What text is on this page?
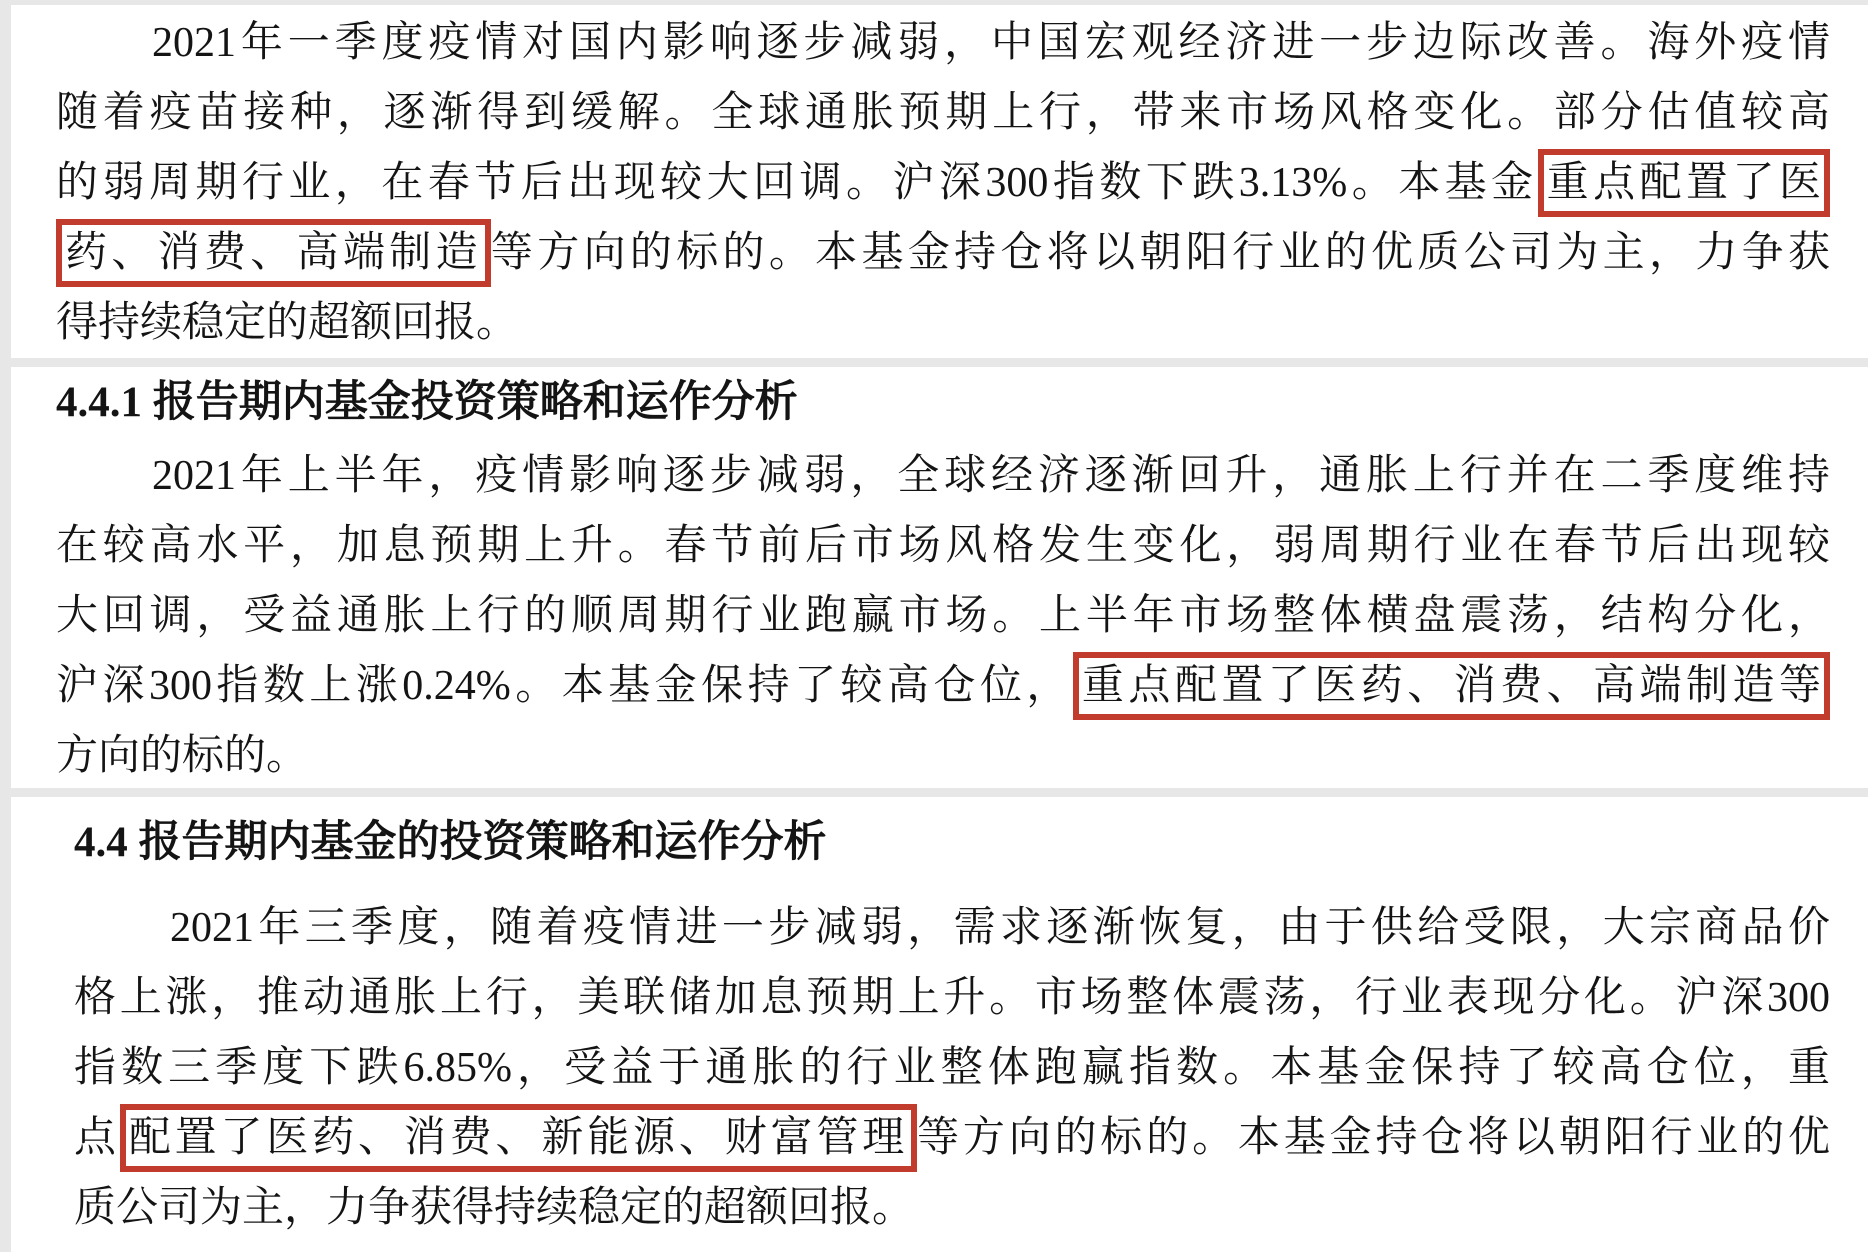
2021年一季度疫情对国内影响逐步减弱，中国宏观经济进一步边际改善。海外疫情
随着疫苗接种，逐渐得到缓解。全球通胀预期上行，带来市场风格变化。部分估值较高
的弱周期行业，在春节后出现较大回调。沪深300指数下跌3.13%。本基金 重点配置了医
药、消费、高端制造 等方向的标的。本基金持仓将以朝阳行业的优质公司为主，力争获
得持续稳定的超额回报。
4.4.1 报告期内基金投资策略和运作分析
2021年上半年，疫情影响逐步减弱，全球经济逐渐回升，通胀上行并在二季度维持
在较高水平，加息预期上升。春节前后市场风格发生变化，弱周期行业在春节后出现较
大回调，受益通胀上行的顺周期行业跑赢市场。上半年市场整体横盘震荡，结构分化，
沪深300指数上涨0.24%。本基金保持了较高仓位， 重点配置了医药、消费、高端制造等
方向的标的。
4.4 报告期内基金的投资策略和运作分析
2021年三季度，随着疫情进一步减弱，需求逐渐恢复，由于供给受限，大宗商品价
格上涨，推动通胀上行，美联储加息预期上升。市场整体震荡，行业表现分化。沪深300
指数三季度下跌6.85%，受益于通胀的行业整体跑赢指数。本基金保持了较高仓位，重
点 配置了医药、消费、新能源、财富管理 等方向的标的。本基金持仓将以朝阳行业的优
质公司为主，力争获得持续稳定的超额回报。
